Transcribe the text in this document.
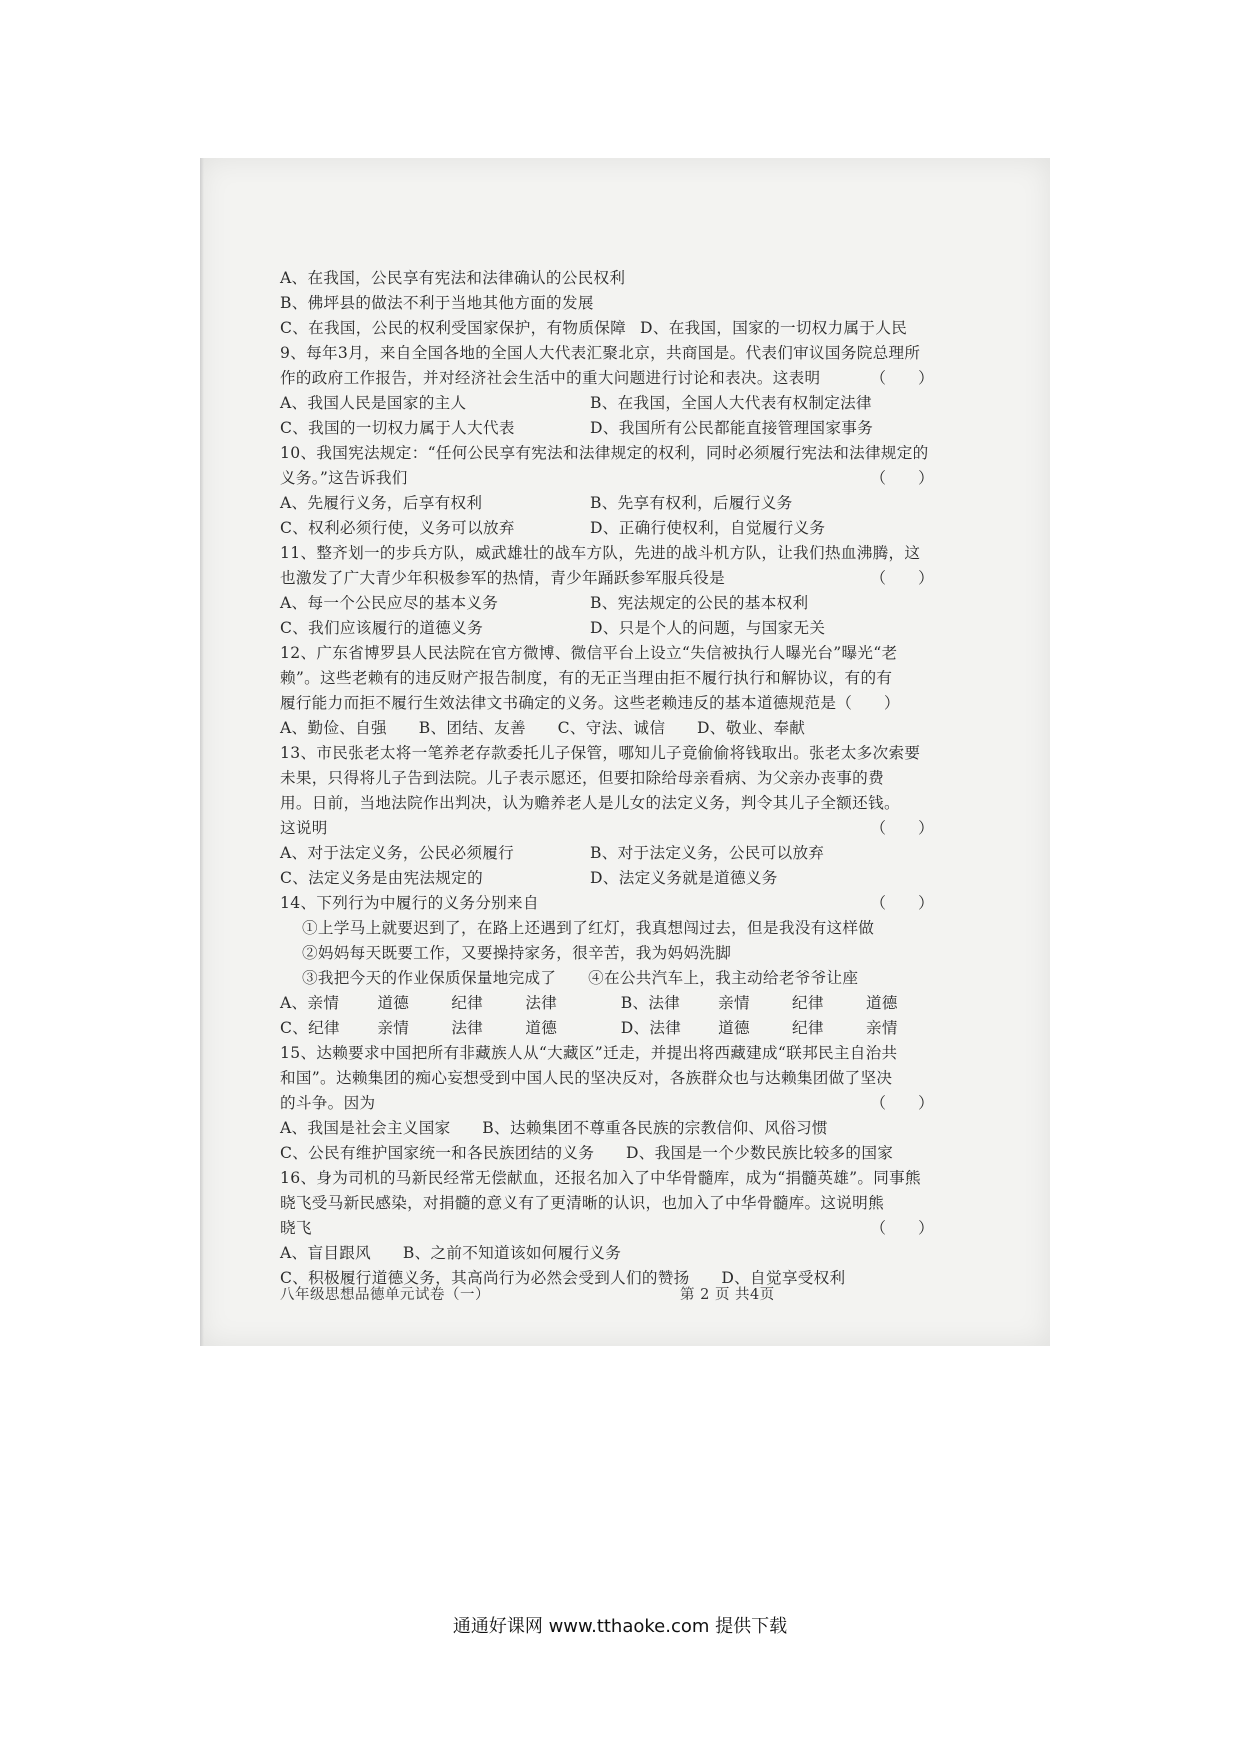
A、在我国，公民享有宪法和法律确认的公民权利
B、佛坪县的做法不利于当地其他方面的发展
C、在我国，公民的权利受国家保护，有物质保障 D、在我国，国家的一切权力属于人民
9、每年3月，来自全国各地的全国人大代表汇聚北京，共商国是。代表们审议国务院总理所
作的政府工作报告，并对经济社会生活中的重大问题进行讨论和表决。这表明	（　　）
A、我国人民是国家的主人	B、在我国，全国人大代表有权制定法律
C、我国的一切权力属于人大代表	D、我国所有公民都能直接管理国家事务
10、我国宪法规定：“任何公民享有宪法和法律规定的权利，同时必须履行宪法和法律规定的
义务。”这告诉我们	（　　）
A、先履行义务，后享有权利	B、先享有权利，后履行义务
C、权利必须行使，义务可以放弃	D、正确行使权利，自觉履行义务
11、整齐划一的步兵方队，威武雄壮的战车方队，先进的战斗机方队，让我们热血沸腾，这
也激发了广大青少年积极参军的热情，青少年踊跃参军服兵役是	（　　）
A、每一个公民应尽的基本义务	B、宪法规定的公民的基本权利
C、我们应该履行的道德义务	D、只是个人的问题，与国家无关
12、广东省博罗县人民法院在官方微博、微信平台上设立“失信被执行人曝光台”曝光“老
赖”。这些老赖有的违反财产报告制度，有的无正当理由拒不履行执行和解协议，有的有
履行能力而拒不履行生效法律文书确定的义务。这些老赖违反的基本道德规范是（　　）
A、勤俭、自强　　B、团结、友善　　C、守法、诚信　　D、敬业、奉献
13、市民张老太将一笔养老存款委托儿子保管，哪知儿子竟偷偷将钱取出。张老太多次索要
未果，只得将儿子告到法院。儿子表示愿还，但要扣除给母亲看病、为父亲办丧事的费
用。日前，当地法院作出判决，认为赡养老人是儿女的法定义务，判令其儿子全额还钱。
这说明	（　　）
A、对于法定义务，公民必须履行	B、对于法定义务，公民可以放弃
C、法定义务是由宪法规定的	D、法定义务就是道德义务
14、下列行为中履行的义务分别来自	（　　）
①上学马上就要迟到了，在路上还遇到了红灯，我真想闯过去，但是我没有这样做
②妈妈每天既要工作，又要操持家务，很辛苦，我为妈妈洗脚
③我把今天的作业保质保量地完成了　　④在公共汽车上，我主动给老爷爷让座
A、亲情	道德	纪律	法律	B、法律	亲情	纪律	道德
C、纪律	亲情	法律	道德	D、法律	道德	纪律	亲情
15、达赖要求中国把所有非藏族人从“大藏区”迁走，并提出将西藏建成“联邦民主自治共
和国”。达赖集团的痴心妄想受到中国人民的坚决反对，各族群众也与达赖集团做了坚决
的斗争。因为	（　　）
A、我国是社会主义国家　　B、达赖集团不尊重各民族的宗教信仰、风俗习惯
C、公民有维护国家统一和各民族团结的义务　　D、我国是一个少数民族比较多的国家
16、身为司机的马新民经常无偿献血，还报名加入了中华骨髓库，成为“捐髓英雄”。同事熊
晓飞受马新民感染，对捐髓的意义有了更清晰的认识，也加入了中华骨髓库。这说明熊
晓飞	（　　）
A、盲目跟风　　B、之前不知道该如何履行义务
C、积极履行道德义务，其高尚行为必然会受到人们的赞扬　　D、自觉享受权利
八年级思想品德单元试卷（一）	第 2 页 共4页
通通好课网 www.tthaoke.com 提供下载
